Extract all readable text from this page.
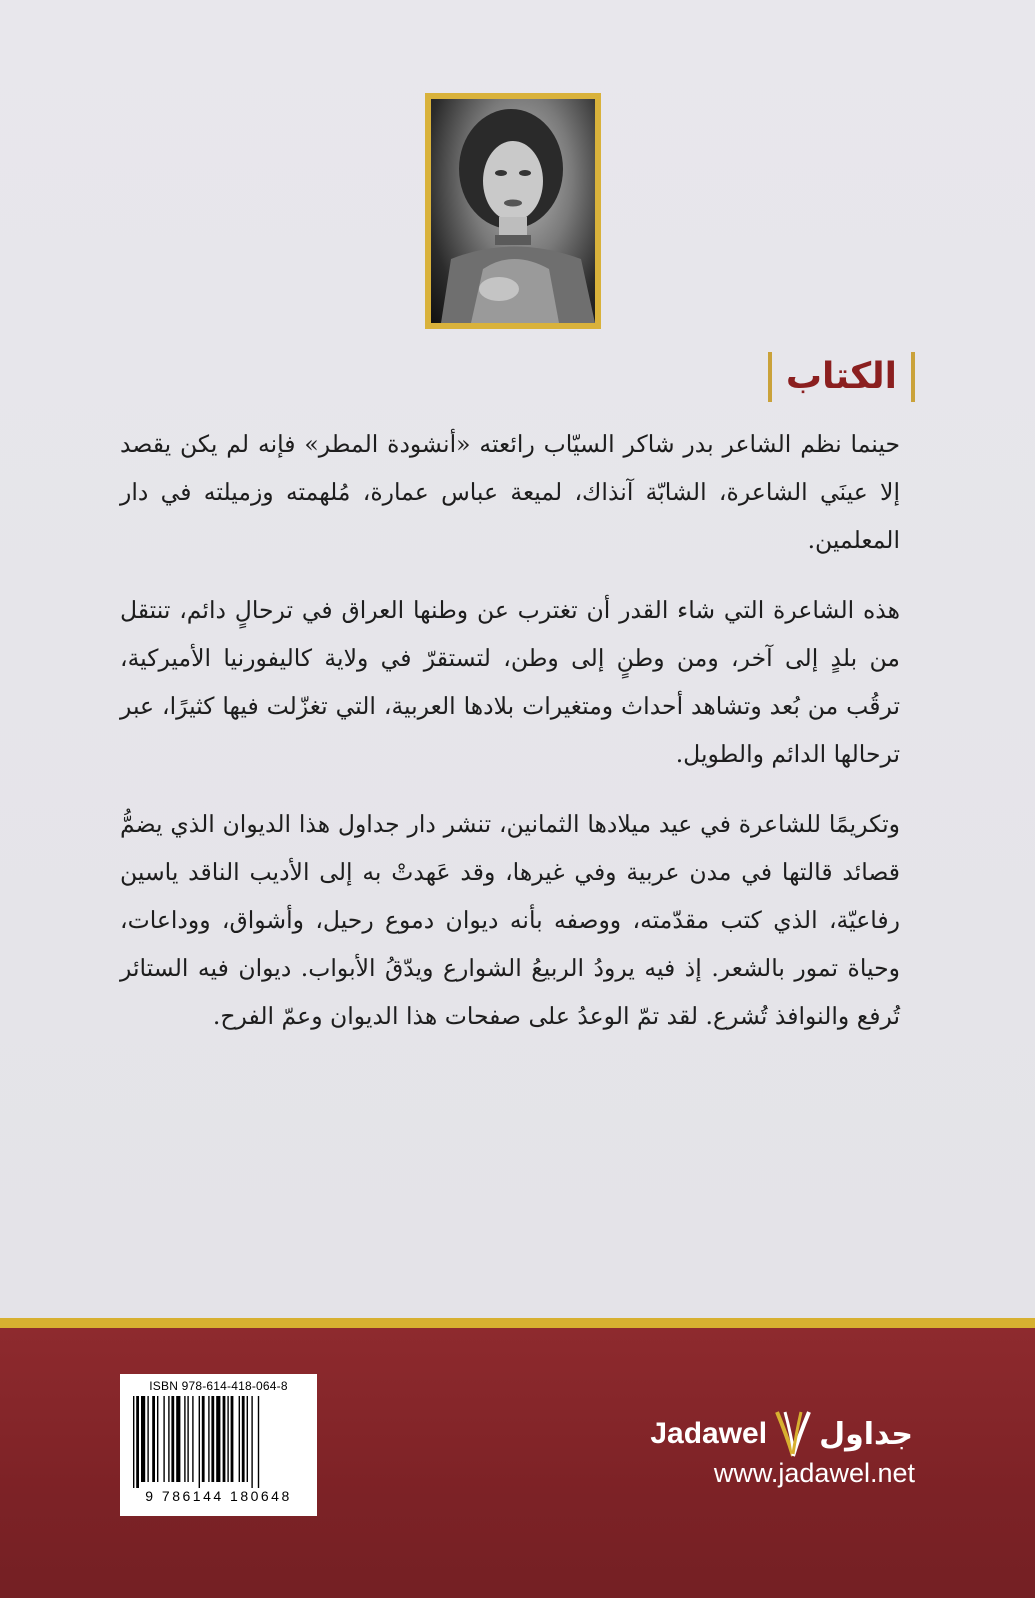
الكتاب

حينما نظم الشاعر بدر شاكر السيّاب رائعته «أنشودة المطر» فإنه لم يكن يقصد إلا عينَي الشاعرة، الشابّة آنذاك، لميعة عباس عمارة، مُلهمته وزميلته في دار المعلمين.

هذه الشاعرة التي شاء القدر أن تغترب عن وطنها العراق في ترحالٍ دائم، تنتقل من بلدٍ إلى آخر، ومن وطنٍ إلى وطن، لتستقرّ في ولاية كاليفورنيا الأميركية، ترقُب من بُعد وتشاهد أحداث ومتغيرات بلادها العربية، التي تغزّلت فيها كثيرًا، عبر ترحالها الدائم والطويل.

وتكريمًا للشاعرة في عيد ميلادها الثمانين، تنشر دار جداول هذا الديوان الذي يضمُّ قصائد قالتها في مدن عربية وفي غيرها، وقد عَهدتْ به إلى الأديب الناقد ياسين رفاعيّة، الذي كتب مقدّمته، ووصفه بأنه ديوان دموع رحيل، وأشواق، ووداعات، وحياة تمور بالشعر. إذ فيه يرودُ الربيعُ الشوارع ويدّقُ الأبواب. ديوان فيه الستائر تُرفع والنوافذ تُشرع. لقد تمّ الوعدُ على صفحات هذا الديوان وعمّ الفرح.

ISBN 978-614-418-064-8
9 786144 180648
Jadawel جداول
www.jadawel.net
